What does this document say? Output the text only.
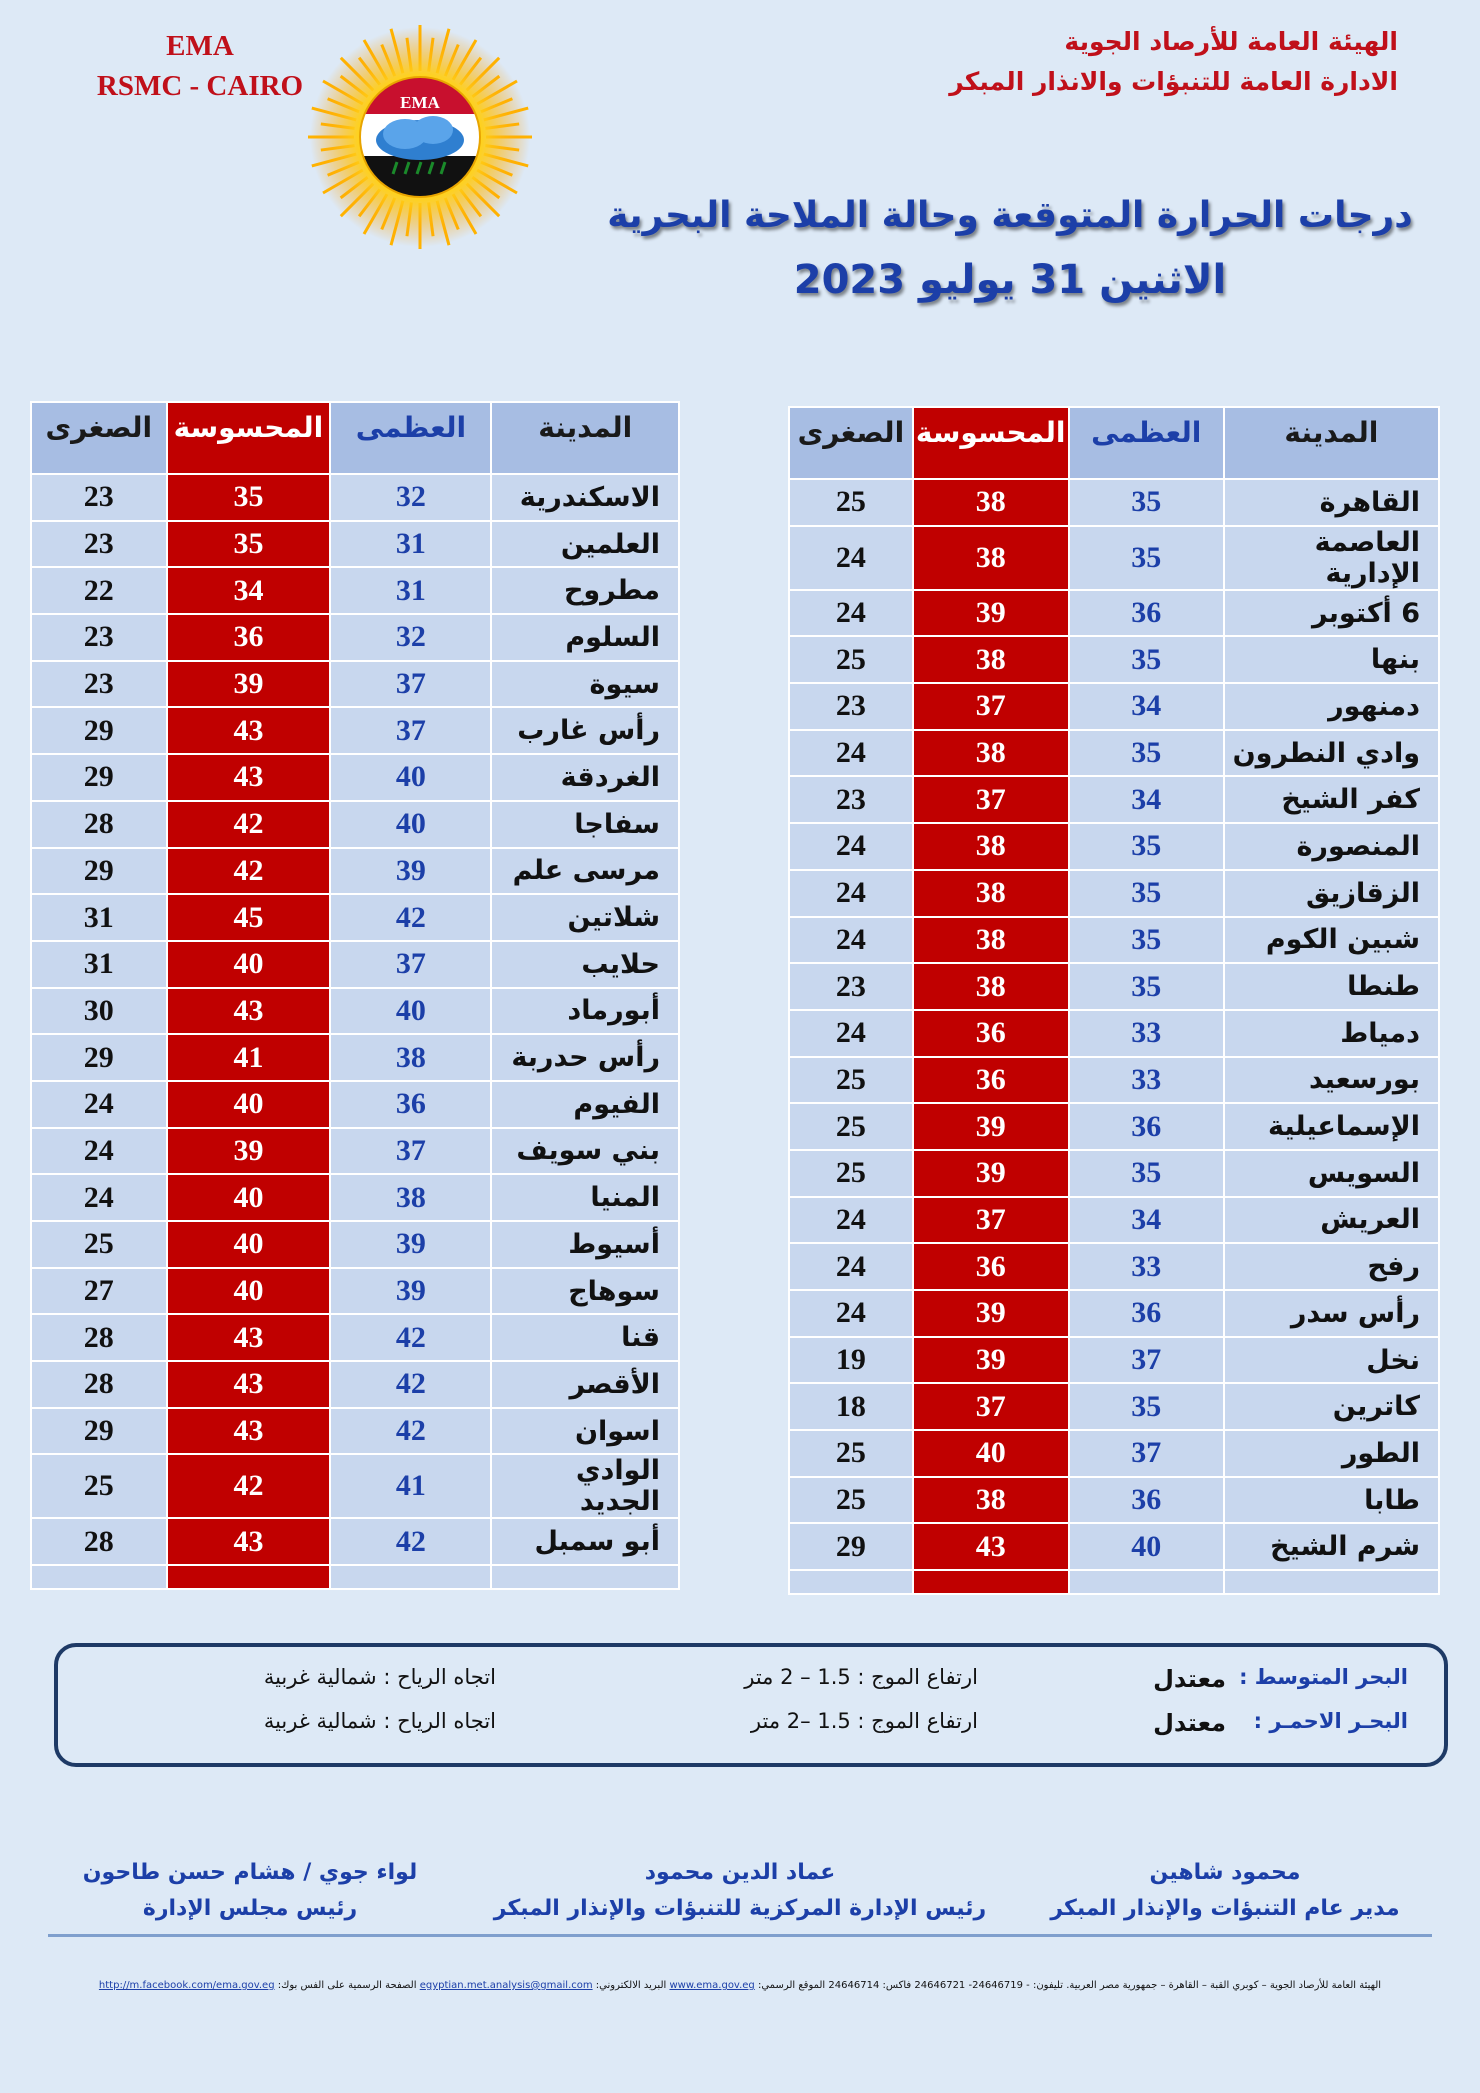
EMA
RSMC - CAIRO
EMA
الهيئة العامة للأرصاد الجوية
الادارة العامة للتنبؤات والانذار المبكر
درجات الحرارة المتوقعة وحالة الملاحة البحرية
الاثنين 31 يوليو 2023
المدينة	العظمى	المحسوسة	الصغرى
القاهرة	35	38	25
العاصمة الإدارية	35	38	24
6 أكتوبر	36	39	24
بنها	35	38	25
دمنهور	34	37	23
وادي النطرون	35	38	24
كفر الشيخ	34	37	23
المنصورة	35	38	24
الزقازيق	35	38	24
شبين الكوم	35	38	24
طنطا	35	38	23
دمياط	33	36	24
بورسعيد	33	36	25
الإسماعيلية	36	39	25
السويس	35	39	25
العريش	34	37	24
رفح	33	36	24
رأس سدر	36	39	24
نخل	37	39	19
كاترين	35	37	18
الطور	37	40	25
طابا	36	38	25
شرم الشيخ	40	43	29

المدينة	العظمى	المحسوسة	الصغرى
الاسكندرية	32	35	23
العلمين	31	35	23
مطروح	31	34	22
السلوم	32	36	23
سيوة	37	39	23
رأس غارب	37	43	29
الغردقة	40	43	29
سفاجا	40	42	28
مرسى علم	39	42	29
شلاتين	42	45	31
حلايب	37	40	31
أبورماد	40	43	30
رأس حدربة	38	41	29
الفيوم	36	40	24
بني سويف	37	39	24
المنيا	38	40	24
أسيوط	39	40	25
سوهاج	39	40	27
قنا	42	43	28
الأقصر	42	43	28
اسوان	42	43	29
الوادي الجديد	41	42	25
أبو سمبل	42	43	28

البحر المتوسط :
معتدل
ارتفاع الموج : 1.5 – 2 متر
اتجاه الرياح : شمالية غربية
البحـر الاحمـر :
معتدل
ارتفاع الموج : 1.5 –2 متر
اتجاه الرياح : شمالية غربية
محمود شاهين
مدير عام التنبؤات والإنذار المبكر
عماد الدين محمود
رئيس الإدارة المركزية للتنبؤات والإنذار المبكر
لواء جوي / هشام حسن طاحون
رئيس مجلس الإدارة
الهيئة العامة للأرصاد الجوية – كوبري القبة – القاهرة – جمهورية مصر العربية. تليفون: - 24646719- 24646721 فاكس: 24646714 الموقع الرسمي: www.ema.gov.eg البريد الالكتروني: egyptian.met.analysis@gmail.com الصفحة الرسمية على الفس بوك: http://m.facebook.com/ema.gov.eg
